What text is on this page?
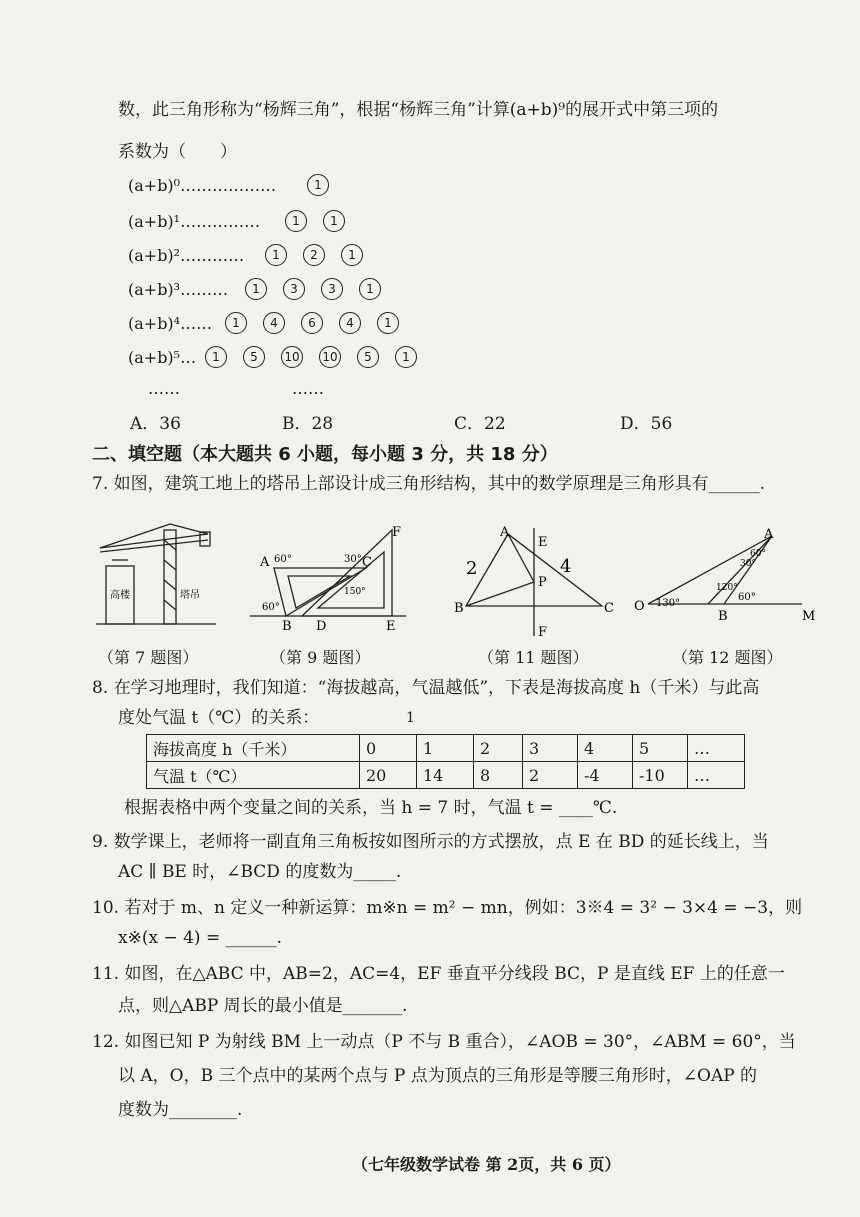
数，此三角形称为“杨辉三角”，根据“杨辉三角”计算(a+b)⁹的展开式中第三项的
系数为（　　）
(a+b)⁰………………	1
(a+b)¹……………	1	1
(a+b)²…………	1	2	1
(a+b)³………	1	3	3	1
(a+b)⁴……	1	4	6	4	1
(a+b)⁵…	1	5	10 10	5	1
……	……
A．36	B．28	C．22	D．56
二、填空题（本大题共 6 小题，每小题 3 分，共 18 分）
7. 如图，建筑工地上的塔吊上部设计成三角形结构，其中的数学原理是三角形具有______.
高楼	塔吊
A
B
C
D	E
F
60°	30°
60°
150°
A
B	C
E
F
P
2	4
O
A
B	M
130°
120°
60°
30°
60°
（第 7 题图）	（第 9 题图）	（第 11 题图）	（第 12 题图）
8. 在学习地理时，我们知道：“海拔越高，气温越低”，下表是海拔高度 h（千米）与此高
度处气温 t（℃）的关系：	1
海拔高度 h（千米）	0	1	2	3	4	5	…
气温 t（℃）	20	14	8	2	-4	-10	…
根据表格中两个变量之间的关系，当 h = 7 时，气温 t = ____℃.
9. 数学课上，老师将一副直角三角板按如图所示的方式摆放，点 E 在 BD 的延长线上，当
AC ∥ BE 时，∠BCD 的度数为_____.
10. 若对于 m、n 定义一种新运算：m※n = m² − mn，例如：3※4 = 3² − 3×4 = −3，则
x※(x − 4) = ______.
11. 如图，在△ABC 中，AB=2，AC=4，EF 垂直平分线段 BC，P 是直线 EF 上的任意一
点，则△ABP 周长的最小值是_______.
12. 如图已知 P 为射线 BM 上一动点（P 不与 B 重合），∠AOB = 30°，∠ABM = 60°，当
以 A，O，B 三个点中的某两个点与 P 点为顶点的三角形是等腰三角形时，∠OAP 的
度数为________.
（七年级数学试卷 第 2页，共 6 页）
